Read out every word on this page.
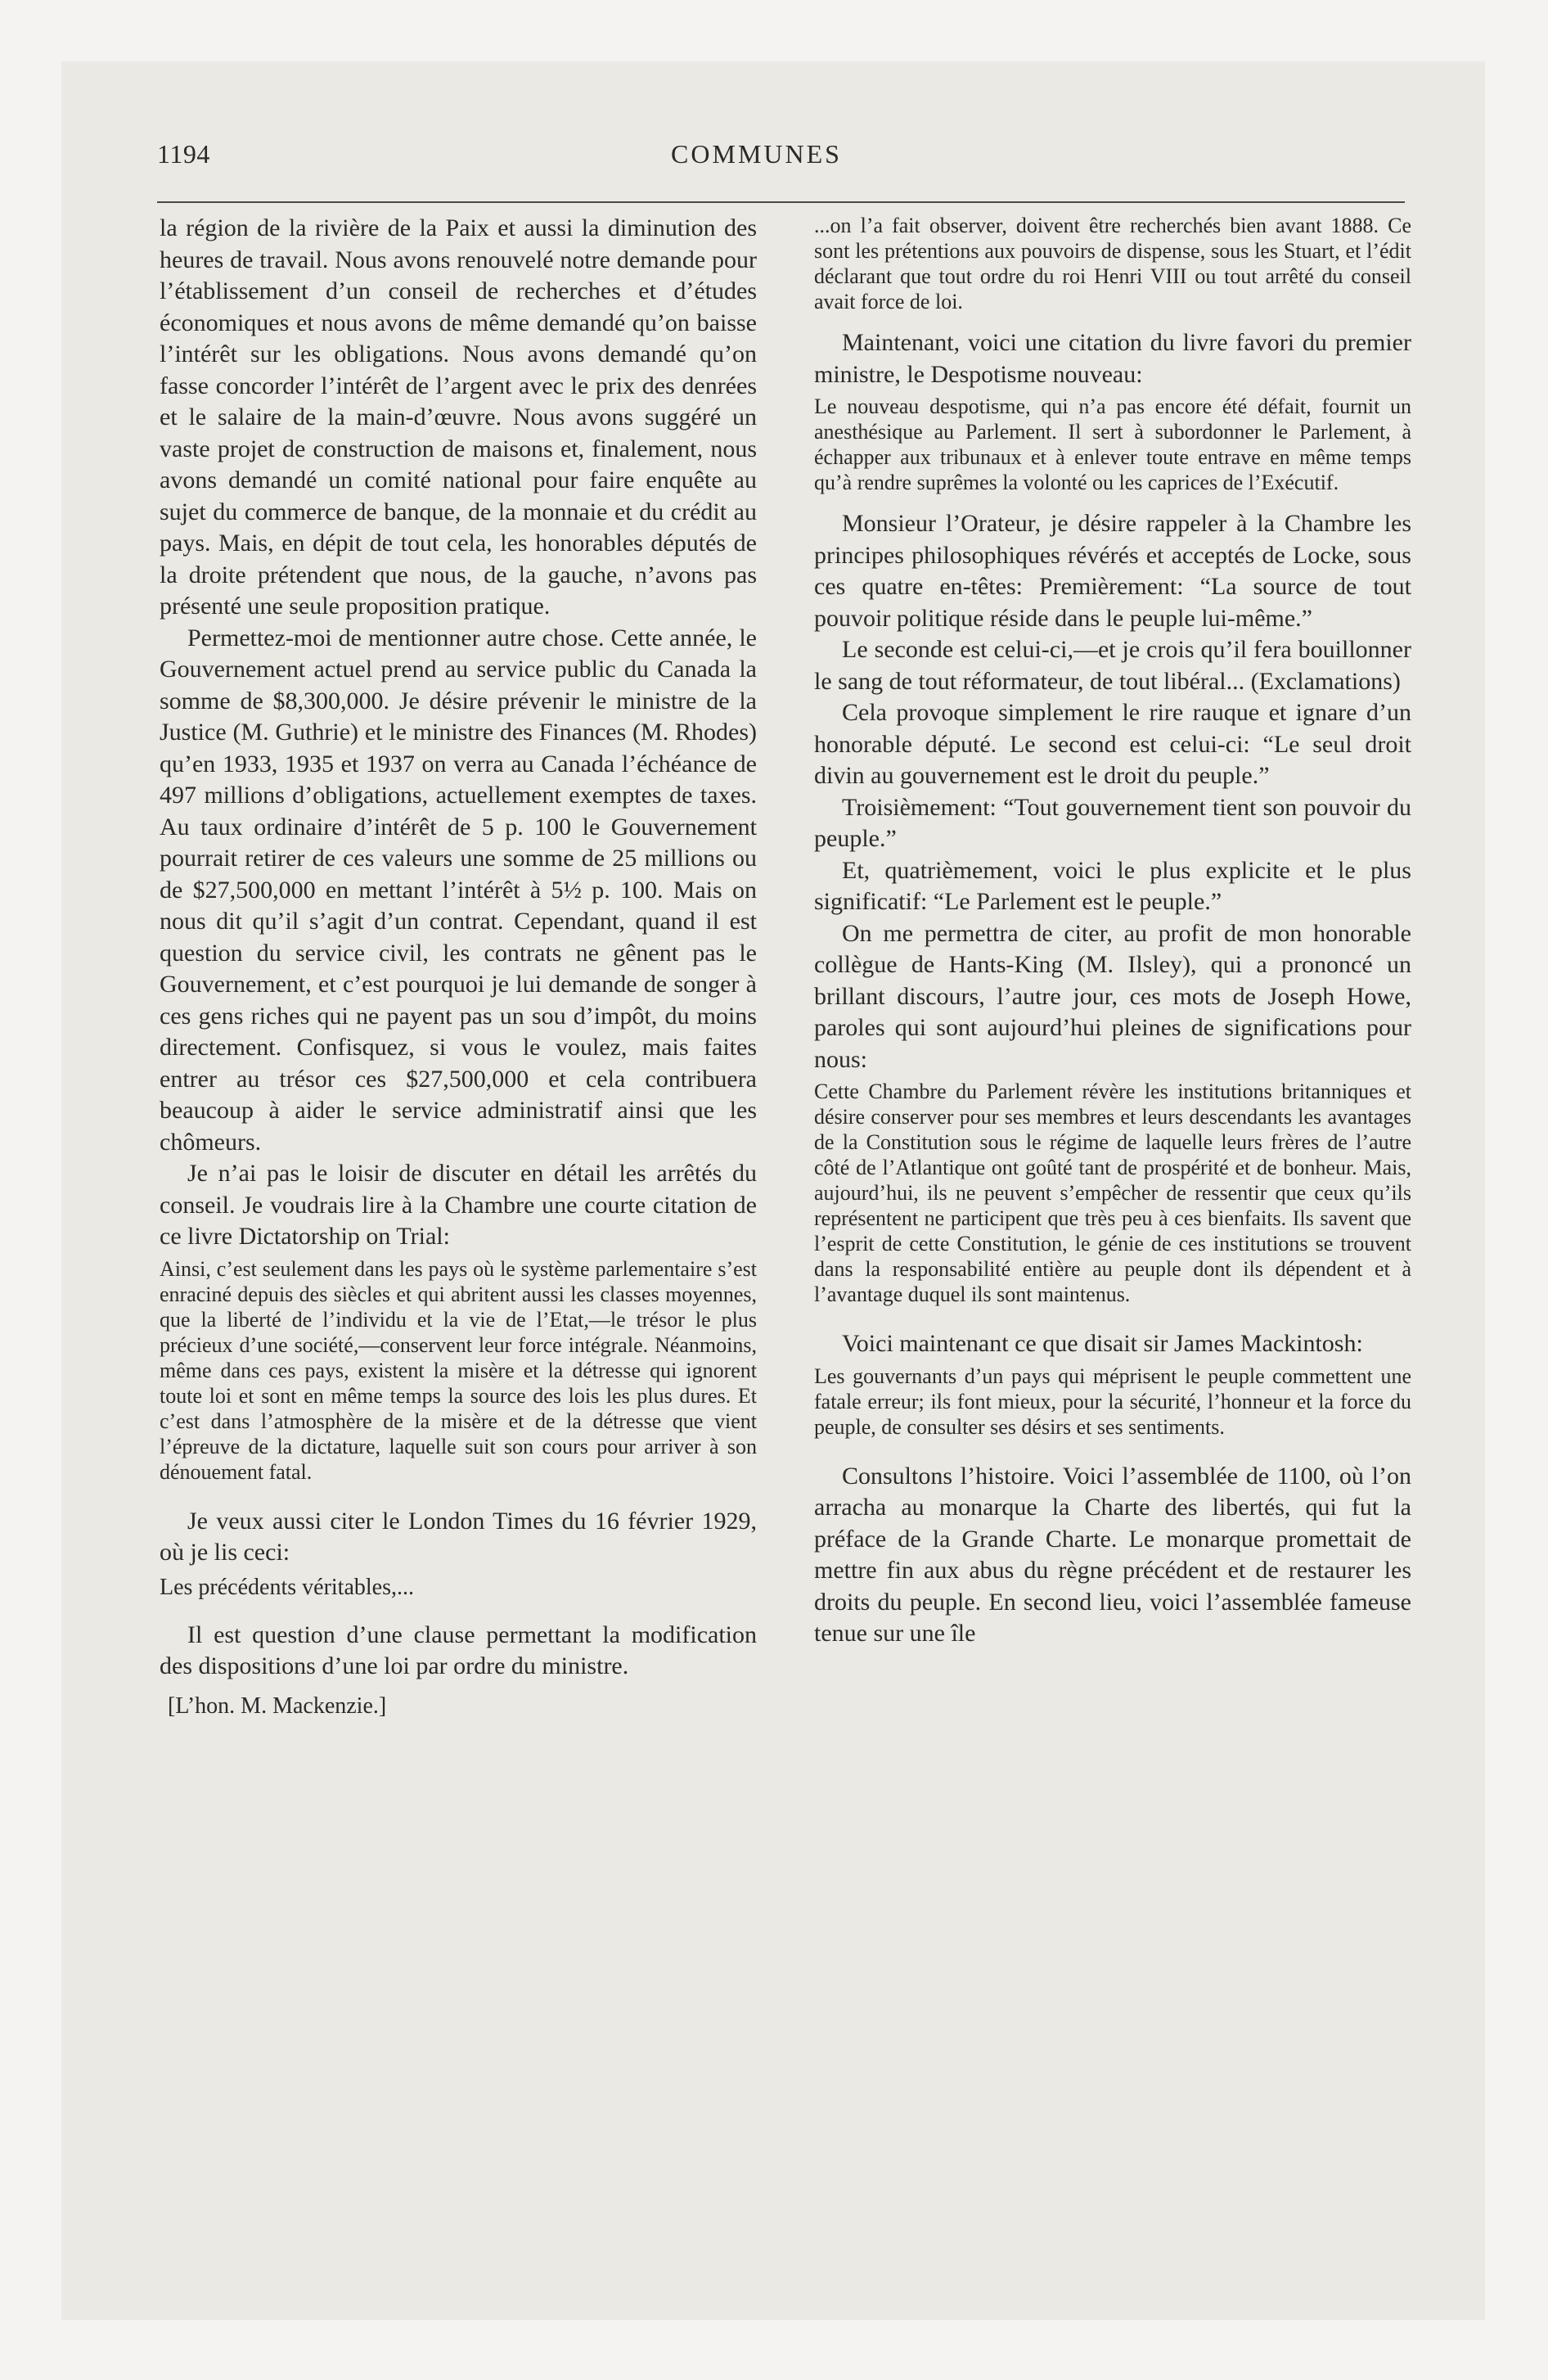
1194	COMMUNES

la région de la rivière de la Paix et aussi la diminution des heures de travail. Nous avons renouvelé notre demande pour l’établissement d’un conseil de recherches et d’études économiques et nous avons de même demandé qu’on baisse l’intérêt sur les obligations. Nous avons demandé qu’on fasse concorder l’intérêt de l’argent avec le prix des denrées et le salaire de la main-d’œuvre. Nous avons suggéré un vaste projet de construction de maisons et, finalement, nous avons demandé un comité national pour faire enquête au sujet du commerce de banque, de la monnaie et du crédit au pays. Mais, en dépit de tout cela, les honorables députés de la droite prétendent que nous, de la gauche, n’avons pas présenté une seule proposition pratique.

Permettez-moi de mentionner autre chose. Cette année, le Gouvernement actuel prend au service public du Canada la somme de $8,300,000. Je désire prévenir le ministre de la Justice (M. Guthrie) et le ministre des Finances (M. Rhodes) qu’en 1933, 1935 et 1937 on verra au Canada l’échéance de 497 millions d’obligations, actuellement exemptes de taxes. Au taux ordinaire d’intérêt de 5 p. 100 le Gouvernement pourrait retirer de ces valeurs une somme de 25 millions ou de $27,500,000 en mettant l’intérêt à 5½ p. 100. Mais on nous dit qu’il s’agit d’un contrat. Cependant, quand il est question du service civil, les contrats ne gênent pas le Gouvernement, et c’est pourquoi je lui demande de songer à ces gens riches qui ne payent pas un sou d’impôt, du moins directement. Confisquez, si vous le voulez, mais faites entrer au trésor ces $27,500,000 et cela contribuera beaucoup à aider le service administratif ainsi que les chômeurs.

Je n’ai pas le loisir de discuter en détail les arrêtés du conseil. Je voudrais lire à la Chambre une courte citation de ce livre Dictatorship on Trial:

Ainsi, c’est seulement dans les pays où le système parlementaire s’est enraciné depuis des siècles et qui abritent aussi les classes moyennes, que la liberté de l’individu et la vie de l’Etat,—le trésor le plus précieux d’une société,—conservent leur force intégrale. Néanmoins, même dans ces pays, existent la misère et la détresse qui ignorent toute loi et sont en même temps la source des lois les plus dures. Et c’est dans l’atmosphère de la misère et de la détresse que vient l’épreuve de la dictature, laquelle suit son cours pour arriver à son dénouement fatal.

Je veux aussi citer le London Times du 16 février 1929, où je lis ceci:

Les précédents véritables,...

Il est question d’une clause permettant la modification des dispositions d’une loi par ordre du ministre.

[L’hon. M. Mackenzie.]

...on l’a fait observer, doivent être recherchés bien avant 1888. Ce sont les prétentions aux pouvoirs de dispense, sous les Stuart, et l’édit déclarant que tout ordre du roi Henri VIII ou tout arrêté du conseil avait force de loi.

Maintenant, voici une citation du livre favori du premier ministre, le Despotisme nouveau:

Le nouveau despotisme, qui n’a pas encore été défait, fournit un anesthésique au Parlement. Il sert à subordonner le Parlement, à échapper aux tribunaux et à enlever toute entrave en même temps qu’à rendre suprêmes la volonté ou les caprices de l’Exécutif.

Monsieur l’Orateur, je désire rappeler à la Chambre les principes philosophiques révérés et acceptés de Locke, sous ces quatre en-têtes: Premièrement: “La source de tout pouvoir politique réside dans le peuple lui-même.”

Le seconde est celui-ci,—et je crois qu’il fera bouillonner le sang de tout réformateur, de tout libéral... (Exclamations)

Cela provoque simplement le rire rauque et ignare d’un honorable député. Le second est celui-ci: “Le seul droit divin au gouvernement est le droit du peuple.”

Troisièmement: “Tout gouvernement tient son pouvoir du peuple.”

Et, quatrièmement, voici le plus explicite et le plus significatif: “Le Parlement est le peuple.”

On me permettra de citer, au profit de mon honorable collègue de Hants-King (M. Ilsley), qui a prononcé un brillant discours, l’autre jour, ces mots de Joseph Howe, paroles qui sont aujourd’hui pleines de significations pour nous:

Cette Chambre du Parlement révère les institutions britanniques et désire conserver pour ses membres et leurs descendants les avantages de la Constitution sous le régime de laquelle leurs frères de l’autre côté de l’Atlantique ont goûté tant de prospérité et de bonheur. Mais, aujourd’hui, ils ne peuvent s’empêcher de ressentir que ceux qu’ils représentent ne participent que très peu à ces bienfaits. Ils savent que l’esprit de cette Constitution, le génie de ces institutions se trouvent dans la responsabilité entière au peuple dont ils dépendent et à l’avantage duquel ils sont maintenus.

Voici maintenant ce que disait sir James Mackintosh:

Les gouvernants d’un pays qui méprisent le peuple commettent une fatale erreur; ils font mieux, pour la sécurité, l’honneur et la force du peuple, de consulter ses désirs et ses sentiments.

Consultons l’histoire. Voici l’assemblée de 1100, où l’on arracha au monarque la Charte des libertés, qui fut la préface de la Grande Charte. Le monarque promettait de mettre fin aux abus du règne précédent et de restaurer les droits du peuple. En second lieu, voici l’assemblée fameuse tenue sur une île
